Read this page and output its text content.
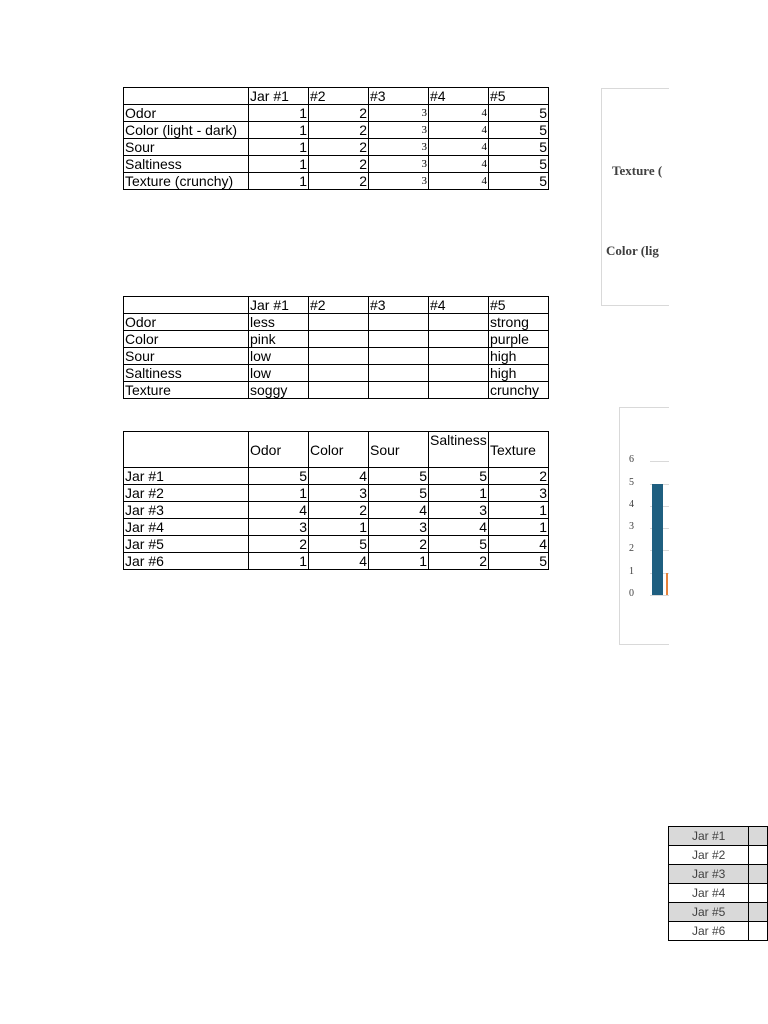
	Jar #1	#2	#3	#4	#5
Odor	1	2	3	4	5
Color (light - dark)	1	2	3	4	5
Sour	1	2	3	4	5
Saltiness	1	2	3	4	5
Texture (crunchy)	1	2	3	4	5
	Jar #1	#2	#3	#4	#5
Odor	less				strong
Color	pink				purple
Sour	low				high
Saltiness	low				high
Texture	soggy				crunchy
	Odor	Color	Sour	Saltiness	Texture
Jar #1	5	4	5	5	2
Jar #2	1	3	5	1	3
Jar #3	4	2	4	3	1
Jar #4	3	1	3	4	1
Jar #5	2	5	2	5	4
Jar #6	1	4	1	2	5
Texture (
Color (lig
0
1
2
3
4
5
6
Jar #1	
Jar #2	
Jar #3	
Jar #4	
Jar #5	
Jar #6	
